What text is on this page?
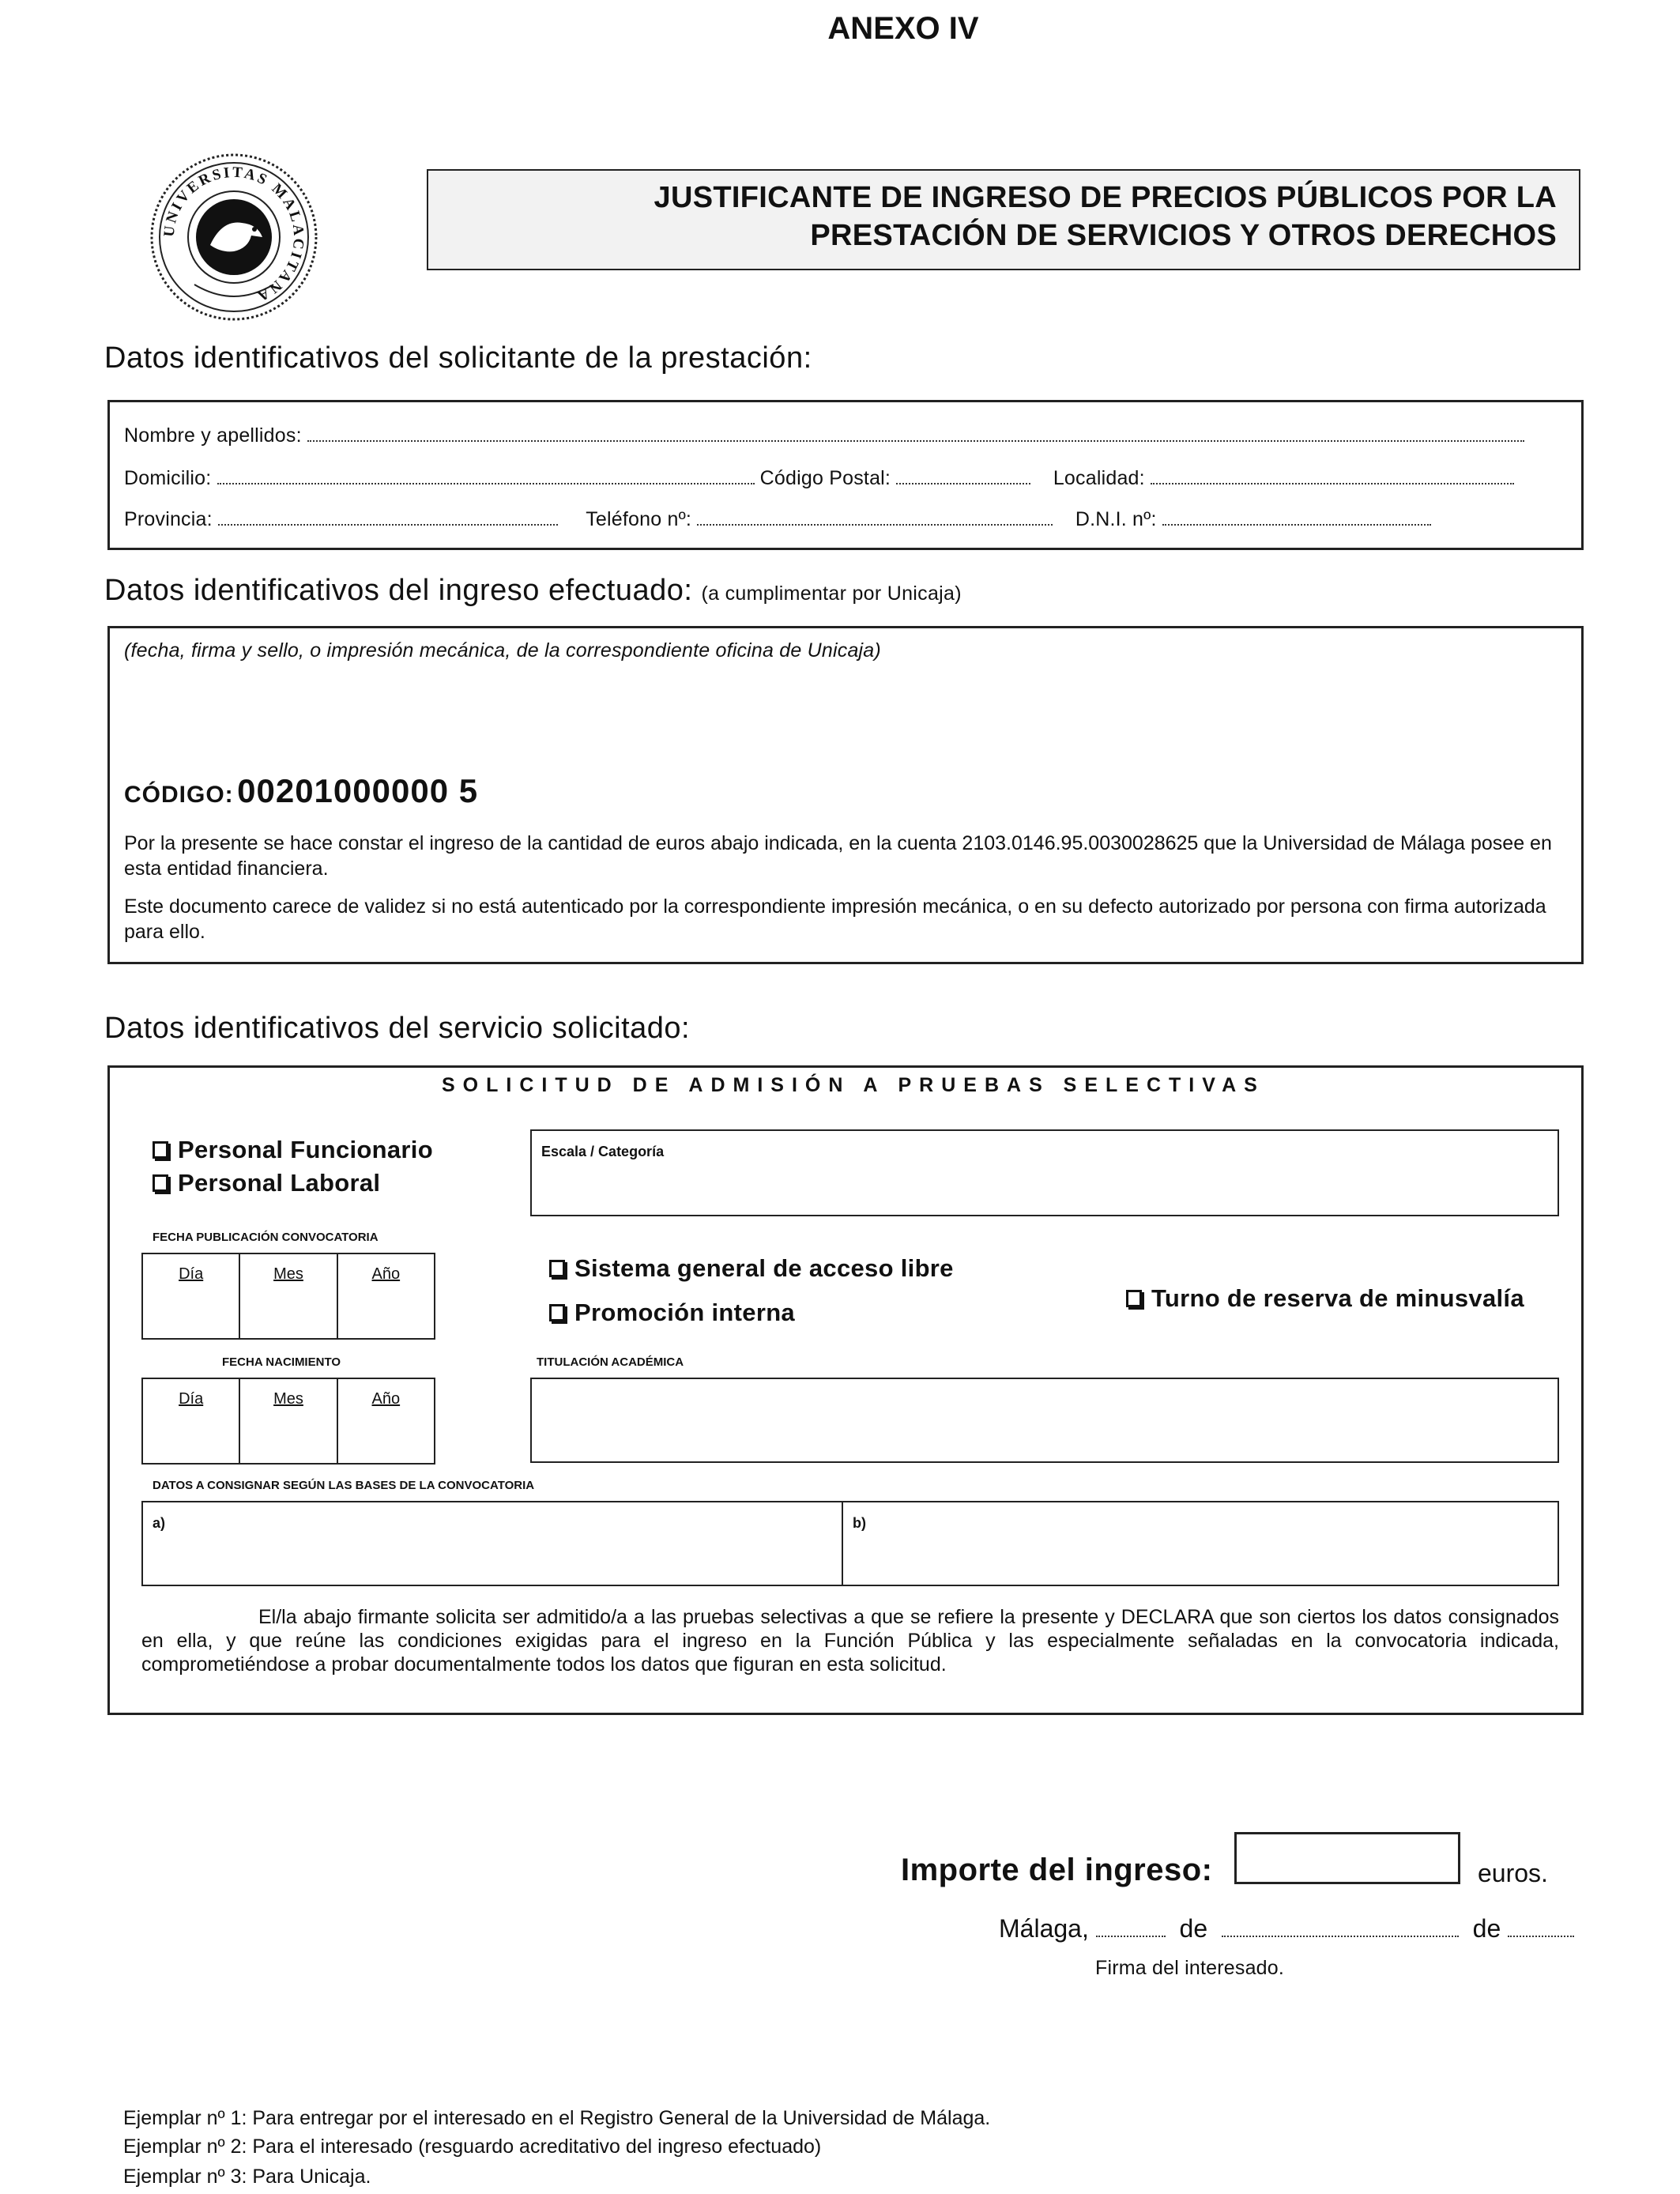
ANEXO IV
UNIVERSITAS MALACITANA
JUSTIFICANTE DE INGRESO DE PRECIOS PÚBLICOS POR LA
PRESTACIÓN DE SERVICIOS Y OTROS DERECHOS
Datos identificativos del solicitante de la prestación:
Nombre y apellidos:
Domicilio:	Código Postal:	Localidad:
Provincia:	Teléfono nº:	D.N.I. nº:
Datos identificativos del ingreso efectuado: (a cumplimentar por Unicaja)
(fecha, firma y sello, o impresión mecánica, de la correspondiente oficina de Unicaja)
CÓDIGO: 00201000000 5
Por la presente se hace constar el ingreso de la cantidad de euros abajo indicada, en la cuenta 2103.0146.95.0030028625 que la Universidad de Málaga posee en esta entidad financiera.
Este documento carece de validez si no está autenticado por la correspondiente impresión mecánica, o en su defecto autorizado por persona con firma autorizada para ello.
Datos identificativos del servicio solicitado:
SOLICITUD DE ADMISIÓN A PRUEBAS SELECTIVAS
Personal Funcionario
Personal Laboral
Escala / Categoría
FECHA PUBLICACIÓN CONVOCATORIA
Día	Mes	Año	Sistema general de acceso libre
Promoción interna
Turno de reserva de minusvalía
FECHA NACIMIENTO
Día	Mes	Año
TITULACIÓN ACADÉMICA
DATOS A CONSIGNAR SEGÚN LAS BASES DE LA CONVOCATORIA
a)	b)
El/la abajo firmante solicita ser admitido/a a las pruebas selectivas a que se refiere la presente y DECLARA que son ciertos los datos consignados en ella, y que reúne las condiciones exigidas para el ingreso en la Función Pública y las especialmente señaladas en la convocatoria indicada, comprometiéndose a probar documentalmente todos los datos que figuran en esta solicitud.
Importe del ingreso:	euros.
Málaga,	de	de
Firma del interesado.
Ejemplar nº 1: Para entregar por el interesado en el Registro General de la Universidad de Málaga.
Ejemplar nº 2: Para el interesado (resguardo acreditativo del ingreso efectuado)
Ejemplar nº 3: Para Unicaja.
